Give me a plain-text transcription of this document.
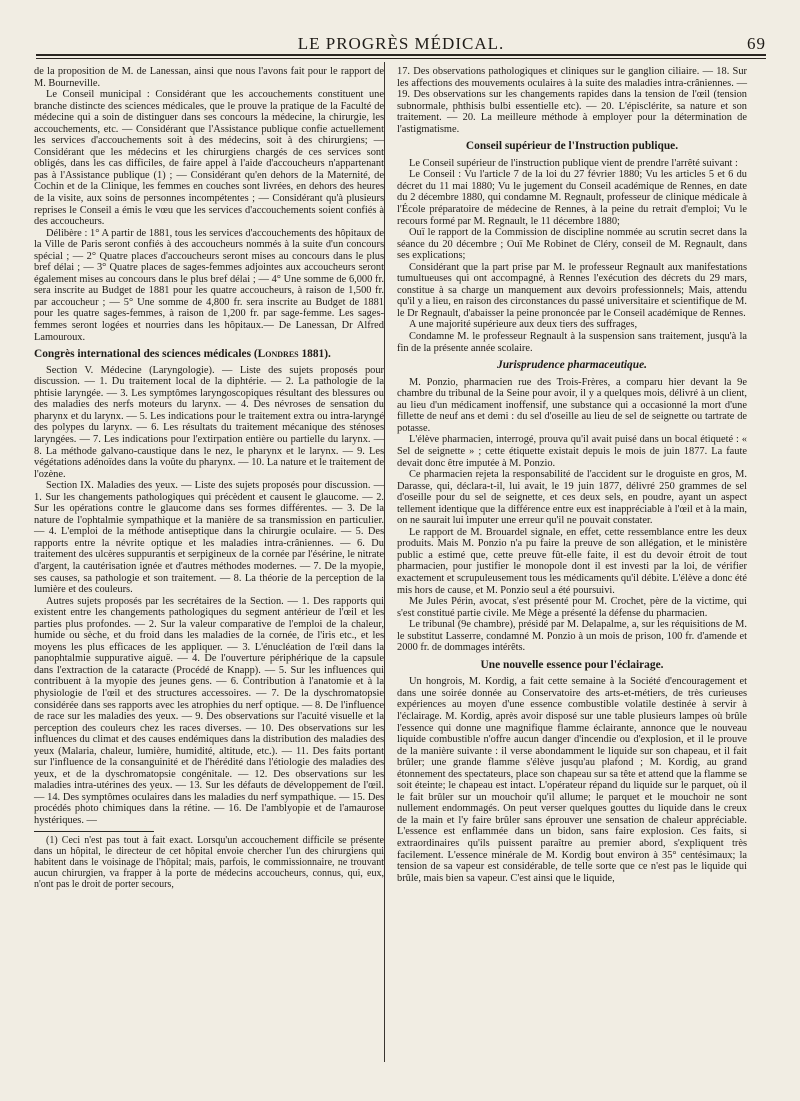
LE PROGRÈS MÉDICAL.	69

de la proposition de M. de Lanessan, ainsi que nous l'avons fait pour le rapport de M. Bourneville.

Le Conseil municipal : Considérant que les accouchements constituent une branche distincte des sciences médicales, que le prouve la pratique de la Faculté de médecine qui a soin de distinguer dans ses concours la médecine, la chirurgie, les accouchements, etc. — Considérant que l'Assistance publique confie actuellement les services d'accouchements soit à des médecins, soit à des chirurgiens; — Considérant que les médecins et les chirurgiens chargés de ces services sont obligés, dans les cas difficiles, de faire appel à l'aide d'accoucheurs n'appartenant pas à l'Assistance publique (1) ; — Considérant qu'en dehors de la Maternité, de Cochin et de la Clinique, les femmes en couches sont livrées, en dehors des heures de la visite, aux soins de personnes incompétentes ; — Considérant qu'à plusieurs reprises le Conseil a émis le vœu que les services d'accouchements soient confiés à des accoucheurs.

Délibère : 1° A partir de 1881, tous les services d'accouchements des hôpitaux de la Ville de Paris seront confiés à des accoucheurs nommés à la suite d'un concours spécial ; — 2° Quatre places d'accoucheurs seront mises au concours dans le plus bref délai ; — 3° Quatre places de sages-femmes adjointes aux accoucheurs seront également mises au concours dans le plus bref délai ; — 4° Une somme de 6,000 fr. sera inscrite au Budget de 1881 pour les quatre accoucheurs, à raison de 1,500 fr. par accoucheur ; — 5° Une somme de 4,800 fr. sera inscrite au Budget de 1881 pour les quatre sages-femmes, à raison de 1,200 fr. par sage-femme. Les sages-femmes seront logées et nourries dans les hôpitaux.— De Lanessan, Dr Alfred Lamouroux.

Congrès international des sciences médicales (Londres 1881).

Section V. Médecine (Laryngologie). — Liste des sujets proposés pour discussion. — 1. Du traitement local de la diphtérie. — 2. La pathologie de la phtisie laryngée. — 3. Les symptômes laryngoscopiques résultant des blessures ou des maladies des nerfs moteurs du larynx. — 4. Des névroses de sensation du pharynx et du larynx. — 5. Les indications pour le traitement extra ou intra-laryngé des polypes du larynx. — 6. Les résultats du traitement mécanique des sténoses laryngées. — 7. Les indications pour l'extirpation entière ou partielle du larynx. — 8. La méthode galvano-caustique dans le nez, le pharynx et le larynx. — 9. Les végétations adénoïdes dans la voûte du pharynx. — 10. La nature et le traitement de l'ozène.

Section IX. Maladies des yeux. — Liste des sujets proposés pour discussion. — 1. Sur les changements pathologiques qui précèdent et causent le glaucome. — 2. Sur les opérations contre le glaucome dans ses formes différentes. — 3. De la nature de l'ophtalmie sympathique et la manière de sa transmission en particulier. — 4. L'emploi de la méthode antiseptique dans la chirurgie oculaire. — 5. Des rapports entre la névrite optique et les maladies intra-crâniennes. — 6. Du traitement des ulcères suppurantis et serpigineux de la cornée par l'ésérine, le nitrate d'argent, la cautérisation ignée et d'autres méthodes modernes. — 7. De la myopie, ses causes, sa pathologie et son traitement. — 8. La théorie de la perception de la lumière et des couleurs.

Autres sujets proposés par les secrétaires de la Section. — 1. Des rapports qui existent entre les changements pathologiques du segment antérieur de l'œil et les parties plus profondes. — 2. Sur la valeur comparative de l'emploi de la chaleur, humide ou sèche, et du froid dans les maladies de la cornée, de l'iris etc., et les moyens les plus efficaces de les appliquer. — 3. L'énucléation de l'œil dans la panophtalmie suppurative aiguë. — 4. De l'ouverture périphérique de la capsule dans l'extraction de la cataracte (Procédé de Knapp). — 5. Sur les influences qui contribuent à la myopie des jeunes gens. — 6. Contribution à l'anatomie et à la physiologie de l'œil et des structures accessoires. — 7. De la dyschromatopsie considérée dans ses rapports avec les atrophies du nerf optique. — 8. De l'influence de race sur les maladies des yeux. — 9. Des observations sur l'acuité visuelle et la perception des couleurs chez les races diverses. — 10. Des observations sur les influences du climat et des causes endémiques dans la distribution des maladies des yeux (Malaria, chaleur, lumière, humidité, altitude, etc.). — 11. Des faits portant sur l'influence de la consanguinité et de l'hérédité dans l'étiologie des maladies des yeux, et de la dyschromatopsie congénitale. — 12. Des observations sur les maladies intra-utérines des yeux. — 13. Sur les défauts de développement de l'œil. — 14. Des symptômes oculaires dans les maladies du nerf sympathique. — 15. Des procédés photo chimiques dans la rétine. — 16. De l'amblyopie et de l'amaurose hystériques. —

(1) Ceci n'est pas tout à fait exact. Lorsqu'un accouchement difficile se présente dans un hôpital, le directeur de cet hôpital envoie chercher l'un des chirurgiens qui habitent dans le voisinage de l'hôpital; mais, parfois, le commissionnaire, ne trouvant aucun chirurgien, va frapper à la porte de médecins accoucheurs, connus, qui, eux, n'ont pas le droit de porter secours,

17. Des observations pathologiques et cliniques sur le ganglion ciliaire. — 18. Sur les affections des mouvements oculaires à la suite des maladies intra-crâniennes. — 19. Des observations sur les changements rapides dans la tension de l'œil (tension subnormale, phthisis bulbi essentielle etc). — 20. L'épisclérite, sa nature et son traitement. — 20. La meilleure méthode à employer pour la détermination de l'astigmatisme.

Conseil supérieur de l'Instruction publique.

Le Conseil supérieur de l'instruction publique vient de prendre l'arrêté suivant :

Le Conseil : Vu l'article 7 de la loi du 27 février 1880; Vu les articles 5 et 6 du décret du 11 mai 1880; Vu le jugement du Conseil académique de Rennes, en date du 2 décembre 1880, qui condamne M. Regnault, professeur de clinique médicale à l'École préparatoire de médecine de Rennes, à la peine du retrait d'emploi; Vu le recours formé par M. Regnault, le 11 décembre 1880;

Ouï le rapport de la Commission de discipline nommée au scrutin secret dans la séance du 20 décembre ; Ouï Me Robinet de Cléry, conseil de M. Regnault, dans ses explications;

Considérant que la part prise par M. le professeur Regnault aux manifestations tumultueuses qui ont accompagné, à Rennes l'exécution des décrets du 29 mars, constitue à sa charge un manquement aux devoirs professionnels; Mais, attendu qu'il y a lieu, en raison des circonstances du passé universitaire et scientifique de M. le Dr Regnault, d'abaisser la peine prononcée par le Conseil académique de Rennes.

A une majorité supérieure aux deux tiers des suffrages,

Condamne M. le professeur Regnault à la suspension sans traitement, jusqu'à la fin de la présente année scolaire.

Jurisprudence pharmaceutique.

M. Ponzio, pharmacien rue des Trois-Frères, a comparu hier devant la 9e chambre du tribunal de la Seine pour avoir, il y a quelques mois, délivré à un client, au lieu d'un médicament inoffensif, une substance qui a occasionné la mort d'une fillette de neuf ans et demi : du sel d'oseille au lieu de sel de seignette ou tartrate de potasse.

L'élève pharmacien, interrogé, prouva qu'il avait puisé dans un bocal étiqueté : « Sel de seignette » ; cette étiquette existait depuis le mois de juin 1877. La faute devait donc être imputée à M. Ponzio.

Ce pharmacien rejeta la responsabilité de l'accident sur le droguiste en gros, M. Darasse, qui, déclara-t-il, lui avait, le 19 juin 1877, délivré 250 grammes de sel d'oseille pour du sel de seignette, et ces deux sels, en poudre, ayant un aspect tellement identique que la différence entre eux est inappréciable à l'œil et à la main, on ne saurait lui imputer une erreur qu'il ne pouvait constater.

Le rapport de M. Brouardel signale, en effet, cette ressemblance entre les deux produits. Mais M. Ponzio n'a pu faire la preuve de son allégation, et le ministère public a estimé que, cette preuve fût-elle faite, il est du devoir étroit de tout pharmacien, pour justifier le monopole dont il est investi par la loi, de vérifier exactement et scrupuleusement tous les médicaments qu'il débite. L'élève a donc été mis hors de cause, et M. Ponzio seul a été poursuivi.

Me Jules Périn, avocat, s'est présenté pour M. Crochet, père de la victime, qui s'est constitué partie civile. Me Mège a présenté la défense du pharmacien.

Le tribunal (9e chambre), présidé par M. Delapalme, a, sur les réquisitions de M. le substitut Lasserre, condamné M. Ponzio à un mois de prison, 100 fr. d'amende et 2000 fr. de dommages intérêts.

Une nouvelle essence pour l'éclairage.

Un hongrois, M. Kordig, a fait cette semaine à la Société d'encouragement et dans une soirée donnée au Conservatoire des arts-et-métiers, de très curieuses expériences au moyen d'une essence combustible volatile destinée à servir à l'éclairage. M. Kordig, après avoir disposé sur une table plusieurs lampes où brûle l'essence qui donne une magnifique flamme éclairante, annonce que le nouveau liquide combustible n'offre aucun danger d'incendie ou d'explosion, et il le prouve de la manière suivante : il verse abondamment le liquide sur son chapeau, et il fait brûler; une grande flamme s'élève jusqu'au plafond ; M. Kordig, au grand étonnement des spectateurs, place son chapeau sur sa tête et attend que la flamme se soit éteinte; le chapeau est intact. L'opérateur répand du liquide sur le parquet, où il le fait brûler sur un mouchoir qu'il allume; le parquet et le mouchoir ne sont nullement endommagés. On peut verser quelques gouttes du liquide dans le creux de la main et l'y faire brûler sans éprouver une sensation de chaleur appréciable. L'essence est enflammée dans un bidon, sans faire explosion. Ces faits, si extraordinaires qu'ils puissent paraître au premier abord, s'expliquent très facilement. L'essence minérale de M. Kordig bout environ à 35° centésimaux; la tension de sa vapeur est considérable, de telle sorte que ce n'est pas le liquide qui brûle, mais bien sa vapeur. C'est ainsi que le liquide,
